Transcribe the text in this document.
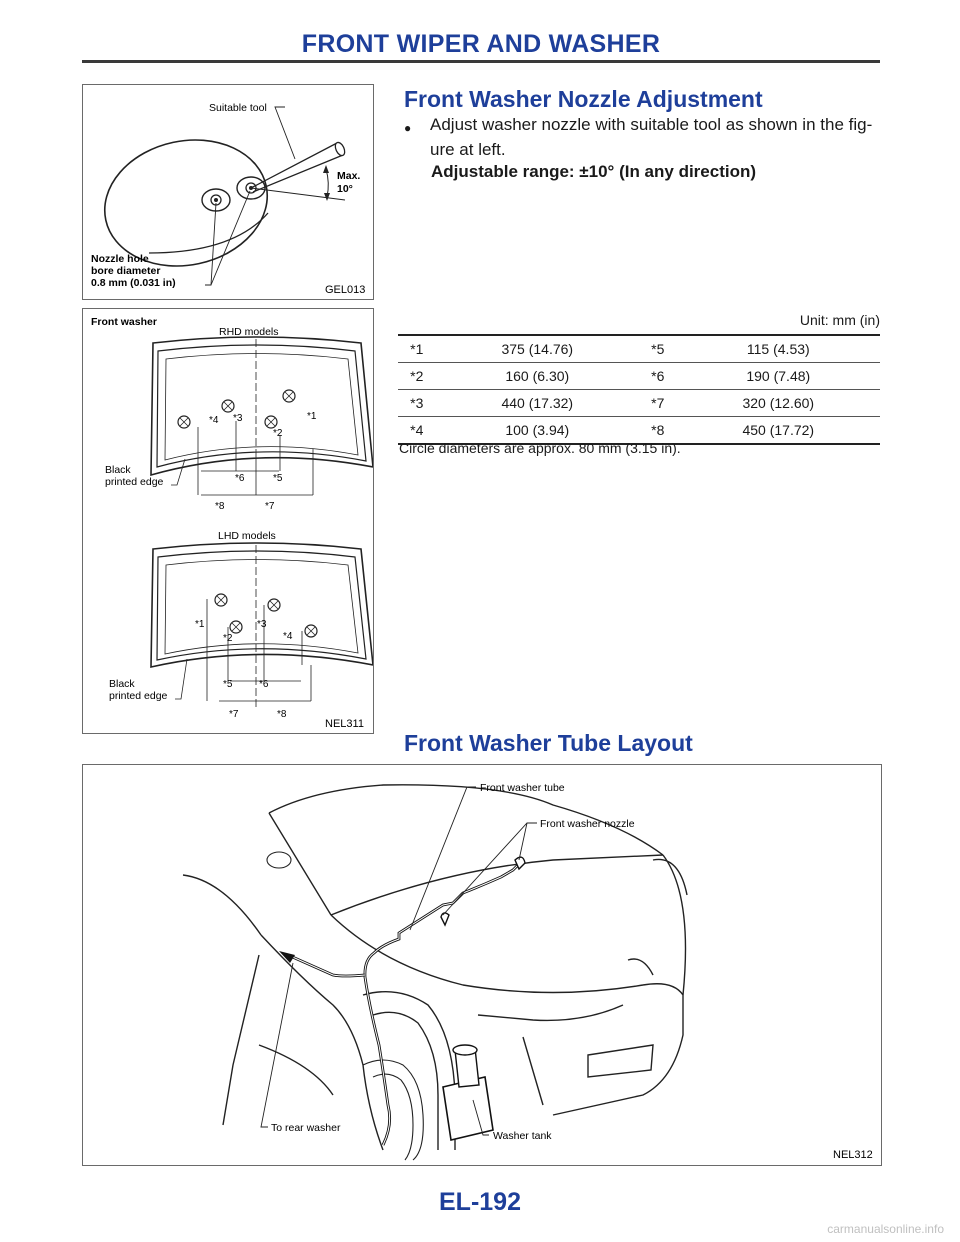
FRONT WIPER AND WASHER
Suitable tool
Max.
10°
Nozzle hole
bore diameter
0.8 mm (0.031 in)
GEL013
Front Washer Nozzle Adjustment
●	Adjust washer nozzle with suitable tool as shown in the fig-
ure at left.
Adjustable range: ±10° (In any direction)
Front washer
RHD models
*4 *3
*2
*1
*6	*5
*8	*7
Black
printed edge
LHD models
*1
*2
*3
*4
*5	*6
*7	*8
Black
printed edge
NEL311
Unit: mm (in)
*1	375 (14.76)	*5	115 (4.53)
*2	160 (6.30)	*6	190 (7.48)
*3	440 (17.32)	*7	320 (12.60)
*4	100 (3.94)	*8	450 (17.72)
Circle diameters are approx. 80 mm (3.15 in).
Front Washer Tube Layout
Front washer tube
Front washer nozzle
To rear washer
Washer tank
NEL312
EL-192
carmanualsonline.info
